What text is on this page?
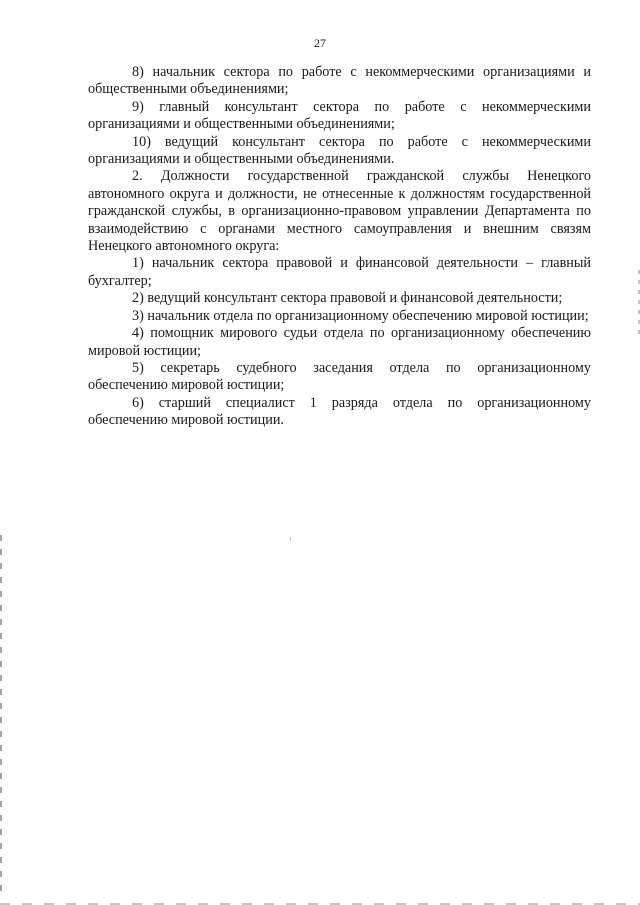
27

8) начальник сектора по работе с некоммерческими организациями и общественными объединениями;

9) главный консультант сектора по работе с некоммерческими организациями и общественными объединениями;

10) ведущий консультант сектора по работе с некоммерческими организациями и общественными объединениями.

2. Должности государственной гражданской службы Ненецкого автономного округа и должности, не отнесенные к должностям государственной гражданской службы, в организационно-правовом управлении Департамента по взаимодействию с органами местного самоуправления и внешним связям Ненецкого автономного округа:

1) начальник сектора правовой и финансовой деятельности – главный бухгалтер;

2) ведущий консультант сектора правовой и финансовой деятельности;

3) начальник отдела по организационному обеспечению мировой юстиции;

4) помощник мирового судьи отдела по организационному обеспечению мировой юстиции;

5) секретарь судебного заседания отдела по организационному обеспечению мировой юстиции;

6) старший специалист 1 разряда отдела по организационному обеспечению мировой юстиции.
